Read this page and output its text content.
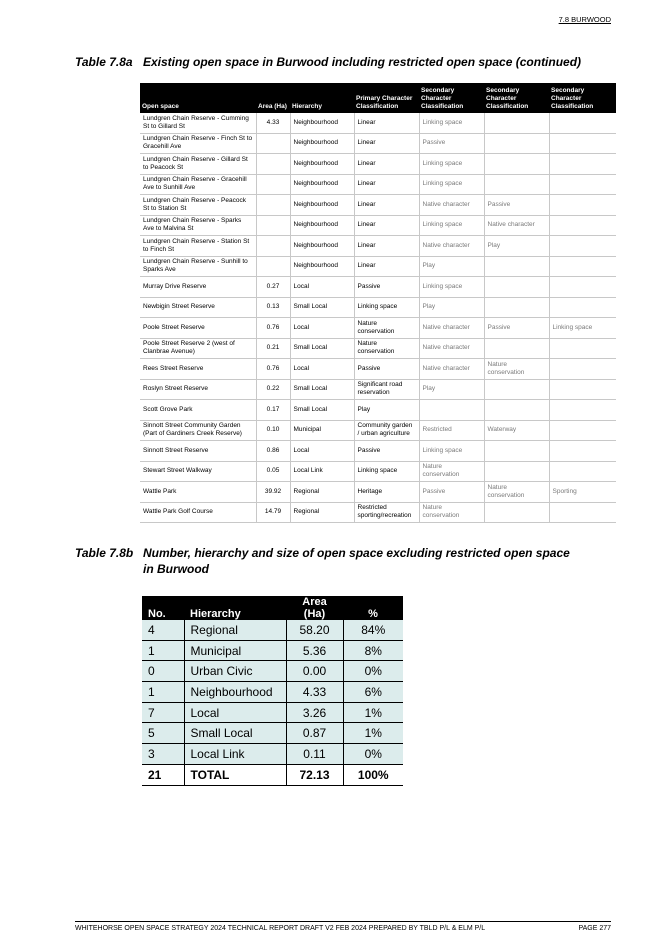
7.8 BURWOOD
Table 7.8a Existing open space in Burwood including restricted open space (continued)
Open space	Area (Ha)	Hierarchy	Primary Character Classification	Secondary Character Classification	Secondary Character Classification	Secondary Character Classification
Lundgren Chain Reserve - Cumming St to Gillard St	4.33	Neighbourhood	Linear	Linking space		
Lundgren Chain Reserve - Finch St to Gracehill Ave		Neighbourhood	Linear	Passive		
Lundgren Chain Reserve - Gillard St to Peacock St		Neighbourhood	Linear	Linking space		
Lundgren Chain Reserve - Gracehill Ave to Sunhill Ave		Neighbourhood	Linear	Linking space		
Lundgren Chain Reserve - Peacock St to Station St		Neighbourhood	Linear	Native character	Passive	
Lundgren Chain Reserve - Sparks Ave to Malvina St		Neighbourhood	Linear	Linking space	Native character	
Lundgren Chain Reserve - Station St to Finch St		Neighbourhood	Linear	Native character	Play	
Lundgren Chain Reserve - Sunhill to Sparks Ave		Neighbourhood	Linear	Play		
Murray Drive Reserve	0.27	Local	Passive	Linking space		
Newbigin Street Reserve	0.13	Small Local	Linking space	Play		
Poole Street Reserve	0.76	Local	Nature conservation	Native character	Passive	Linking space
Poole Street Reserve 2 (west of Clanbrae Avenue)	0.21	Small Local	Nature conservation	Native character		
Rees Street Reserve	0.76	Local	Passive	Native character	Nature conservation	
Roslyn Street Reserve	0.22	Small Local	Significant road reservation	Play		
Scott Grove Park	0.17	Small Local	Play			
Sinnott Street Community Garden (Part of Gardiners Creek Reserve)	0.10	Municipal	Community garden / urban agriculture	Restricted	Waterway	
Sinnott Street Reserve	0.86	Local	Passive	Linking space		
Stewart Street Walkway	0.05	Local Link	Linking space	Nature conservation		
Wattle Park	39.92	Regional	Heritage	Passive	Nature conservation	Sporting
Wattle Park Golf Course	14.79	Regional	Restricted sporting/recreation	Nature conservation		
Table 7.8b Number, hierarchy and size of open space excluding restricted open space in Burwood
No.	Hierarchy	Area (Ha)	%
4	Regional	58.20	84%
1	Municipal	5.36	8%
0	Urban Civic	0.00	0%
1	Neighbourhood	4.33	6%
7	Local	3.26	1%
5	Small Local	0.87	1%
3	Local Link	0.11	0%
21	TOTAL	72.13	100%
WHITEHORSE OPEN SPACE STRATEGY 2024 TECHNICAL REPORT DRAFT V2 FEB 2024 PREPARED BY TBLD P/L & ELM P/L	PAGE 277
